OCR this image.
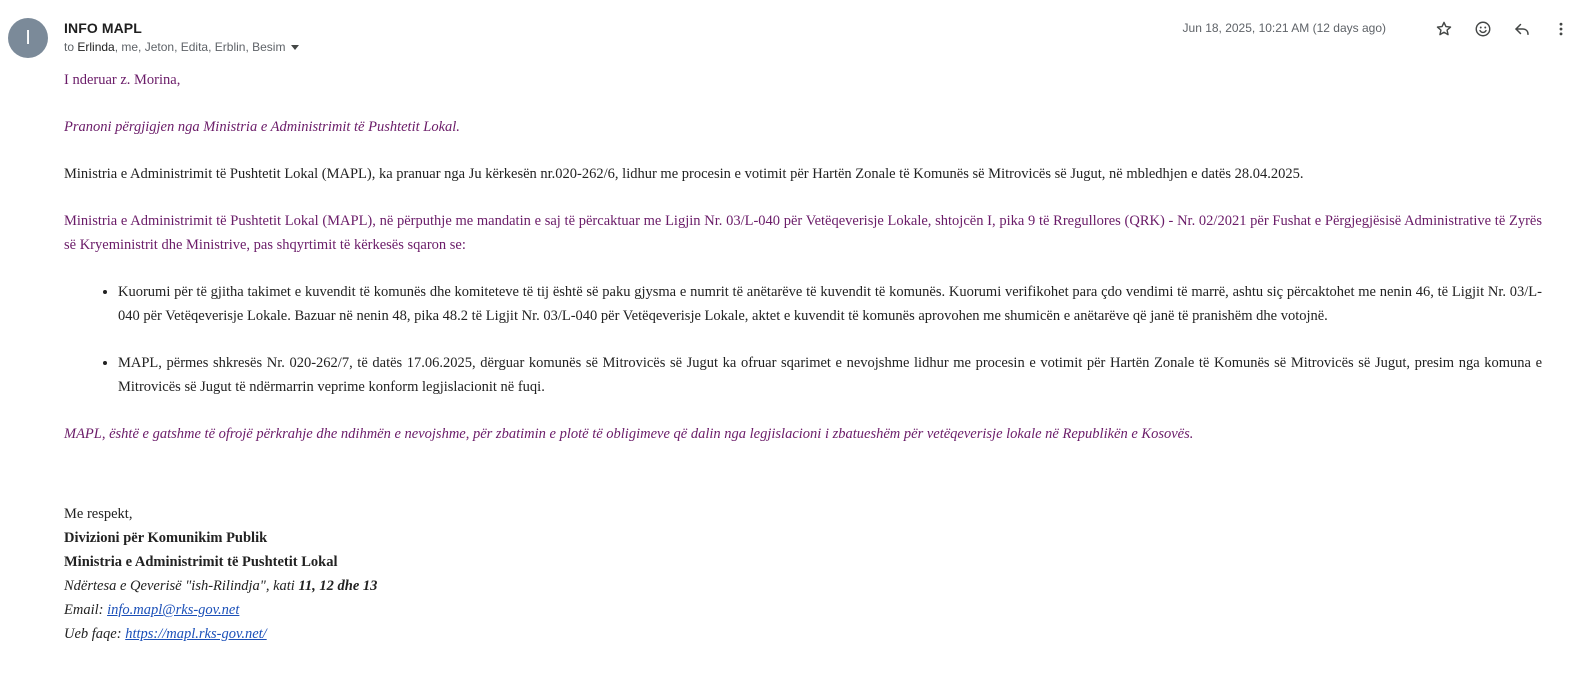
I	INFO MAPL
to
Erlinda , me, Jeton, Edita, Erblin, Besim
Jun 18, 2025, 10:21 AM (12 days ago)

I nderuar z. Morina,

Pranoni përgjigjen nga Ministria e Administrimit të Pushtetit Lokal.

Ministria e Administrimit të Pushtetit Lokal (MAPL), ka pranuar nga Ju kërkesën nr.020-262/6, lidhur me procesin e votimit për Hartën Zonale të Komunës së Mitrovicës së Jugut, në mbledhjen e datës 28.04.2025.

Ministria e Administrimit të Pushtetit Lokal (MAPL), në përputhje me mandatin e saj të përcaktuar me Ligjin Nr. 03/L-040 për Vetëqeverisje Lokale, shtojcën I, pika 9 të Rregullores (QRK) - Nr. 02/2021 për Fushat e Përgjegjësisë Administrative të Zyrës së Kryeministrit dhe Ministrive, pas shqyrtimit të kërkesës sqaron se:

• Kuorumi për të gjitha takimet e kuvendit të komunës dhe komiteteve të tij është së paku gjysma e numrit të anëtarëve të kuvendit të komunës. Kuorumi verifikohet para çdo vendimi të marrë, ashtu siç përcaktohet me nenin 46, të Ligjit Nr. 03/L-040 për Vetëqeverisje Lokale. Bazuar në nenin 48, pika 48.2 të Ligjit Nr. 03/L-040 për Vetëqeverisje Lokale, aktet e kuvendit të komunës aprovohen me shumicën e anëtarëve që janë të pranishëm dhe votojnë.
• MAPL, përmes shkresës Nr. 020-262/7, të datës 17.06.2025, dërguar komunës së Mitrovicës së Jugut ka ofruar sqarimet e nevojshme lidhur me procesin e votimit për Hartën Zonale të Komunës së Mitrovicës së Jugut, presim nga komuna e Mitrovicës së Jugut të ndërmarrin veprime konform legjislacionit në fuqi.

MAPL, është e gatshme të ofrojë përkrahje dhe ndihmën e nevojshme, për zbatimin e plotë të obligimeve që dalin nga legjislacioni i zbatueshëm për vetëqeverisje lokale në Republikën e Kosovës.

Me respekt,

Divizioni për Komunikim Publik

Ministria e Administrimit të Pushtetit Lokal

Ndërtesa e Qeverisë "ish-Rilindja", kati 11, 12 dhe 13

Email: info.mapl@rks-gov.net

Ueb faqe: https://mapl.rks-gov.net/
